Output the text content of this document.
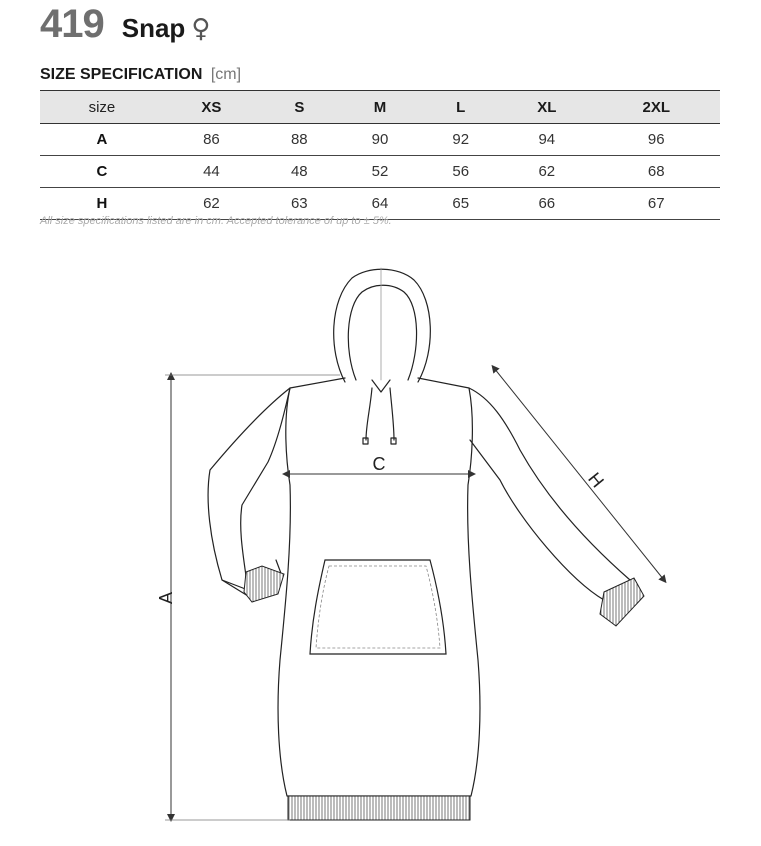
419 Snap ♀
SIZE SPECIFICATION [cm]
size	XS	S	M	L	XL	2XL
A	86	88	90	92	94	96
C	44	48	52	56	62	68
H	62	63	64	65	66	67
All size specifications listed are in cm. Accepted tolerance of up to ± 5%.
A
C
H
